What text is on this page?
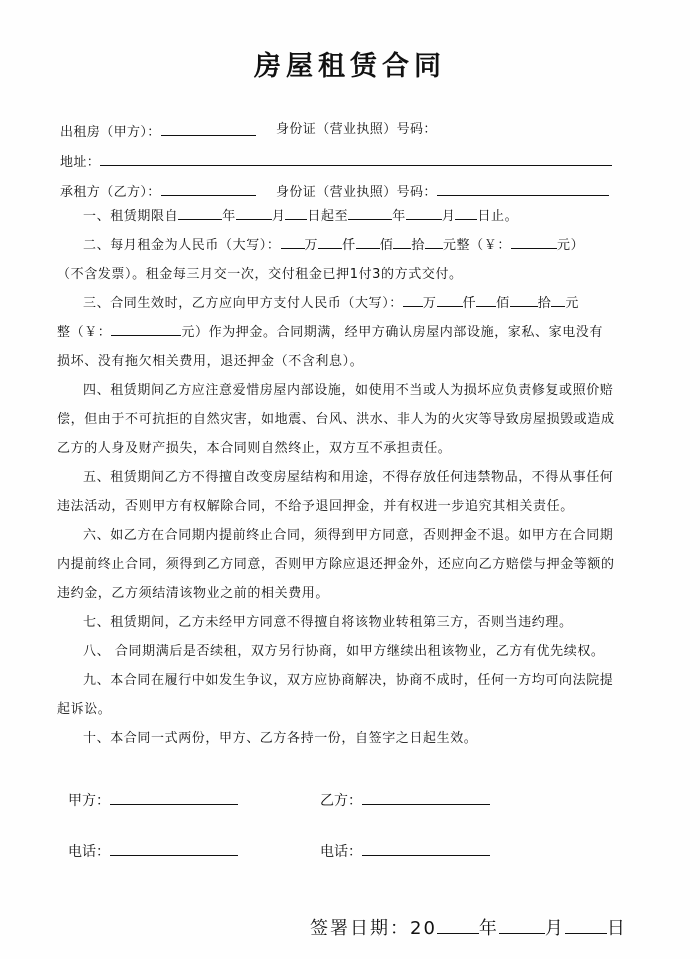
房屋租赁合同
出租房（甲方）：	身份证（营业执照）号码：
地址：
承租方（乙方）：	身份证（营业执照）号码：

一、租赁期限自	年	月 日起至	年	月 日止。

二、每月租金为人民币（大写）： 万 仟 佰 拾 元整（￥：	元）

（不含发票）。租金每三月交一次，交付租金已押1付3的方式交付。

三、合同生效时，乙方应向甲方支付人民币（大写）： 万 仟 佰 拾 元

整（￥：	元）作为押金。合同期满，经甲方确认房屋内部设施，家私、家电没有

损坏、没有拖欠相关费用，退还押金（不含利息）。

四、租赁期间乙方应注意爱惜房屋内部设施，如使用不当或人为损坏应负责修复或照价赔

偿，但由于不可抗拒的自然灾害，如地震、台风、洪水、非人为的火灾等导致房屋损毁或造成

乙方的人身及财产损失，本合同则自然终止，双方互不承担责任。

五、租赁期间乙方不得擅自改变房屋结构和用途，不得存放任何违禁物品，不得从事任何

违法活动，否则甲方有权解除合同，不给予退回押金，并有权进一步追究其相关责任。

六、如乙方在合同期内提前终止合同，须得到甲方同意，否则押金不退。如甲方在合同期

内提前终止合同，须得到乙方同意，否则甲方除应退还押金外，还应向乙方赔偿与押金等额的

违约金，乙方须结清该物业之前的相关费用。

七、租赁期间，乙方未经甲方同意不得擅自将该物业转租第三方，否则当违约理。

八、 合同期满后是否续租，双方另行协商，如甲方继续出租该物业，乙方有优先续权。

九、本合同在履行中如发生争议，双方应协商解决，协商不成时，任何一方均可向法院提

起诉讼。

十、本合同一式两份，甲方、乙方各持一份，自签字之日起生效。

甲方：	乙方：
电话：	电话：
签署日期：20 年	月 日
